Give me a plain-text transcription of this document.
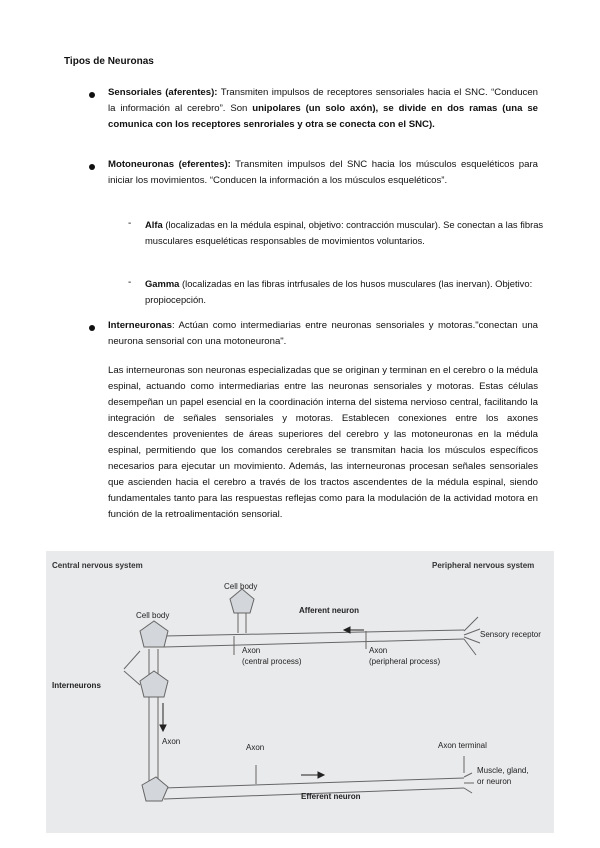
Tipos de Neuronas
Sensoriales (aferentes): Transmiten impulsos de receptores sensoriales hacia el SNC. “Conducen la información al cerebro”. Son unipolares (un solo axón), se divide en dos ramas (una se comunica con los receptores senroriales y otra se conecta con el SNC).
Motoneuronas (eferentes): Transmiten impulsos del SNC hacia los músculos esqueléticos para iniciar los movimientos. “Conducen la información a los músculos esqueléticos”.
- Alfa (localizadas en la médula espinal, objetivo: contracción muscular). Se conectan a las fibras musculares esqueléticas responsables de movimientos voluntarios.
- Gamma (localizadas en las fibras intrfusales de los husos musculares (las inervan). Objetivo: propiocepción.
Interneuronas: Actúan como intermediarias entre neuronas sensoriales y motoras."conectan una neurona sensorial con una motoneurona".
Las interneuronas son neuronas especializadas que se originan y terminan en el cerebro o la médula espinal, actuando como intermediarias entre las neuronas sensoriales y motoras. Estas células desempeñan un papel esencial en la coordinación interna del sistema nervioso central, facilitando la integración de señales sensoriales y motoras. Establecen conexiones entre los axones descendentes provenientes de áreas superiores del cerebro y las motoneuronas en la médula espinal, permitiendo que los comandos cerebrales se transmitan hacia los músculos específicos necesarios para ejecutar un movimiento. Además, las interneuronas procesan señales sensoriales que ascienden hacia el cerebro a través de los tractos ascendentes de la médula espinal, siendo fundamentales tanto para las respuestas reflejas como para la modulación de la actividad motora en función de la retroalimentación sensorial.
Central nervous system	Peripheral nervous system
Cell body
Cell body
Afferent neuron
Sensory receptor
Axon
(central process)
Axon
(peripheral process)
Interneurons
Axon
Axon	Axon terminal
Muscle, gland,
or neuron
Efferent neuron
